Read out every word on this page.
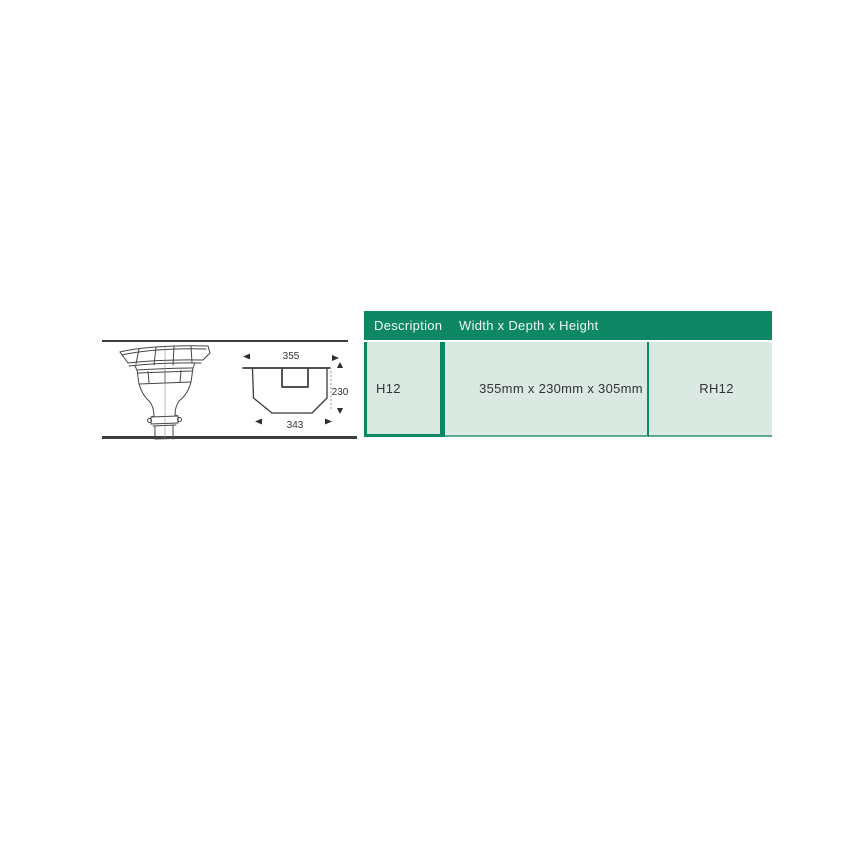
355
230
343
Description Width x Depth x Height
H12	355mm x 230mm x 305mm	RH12
